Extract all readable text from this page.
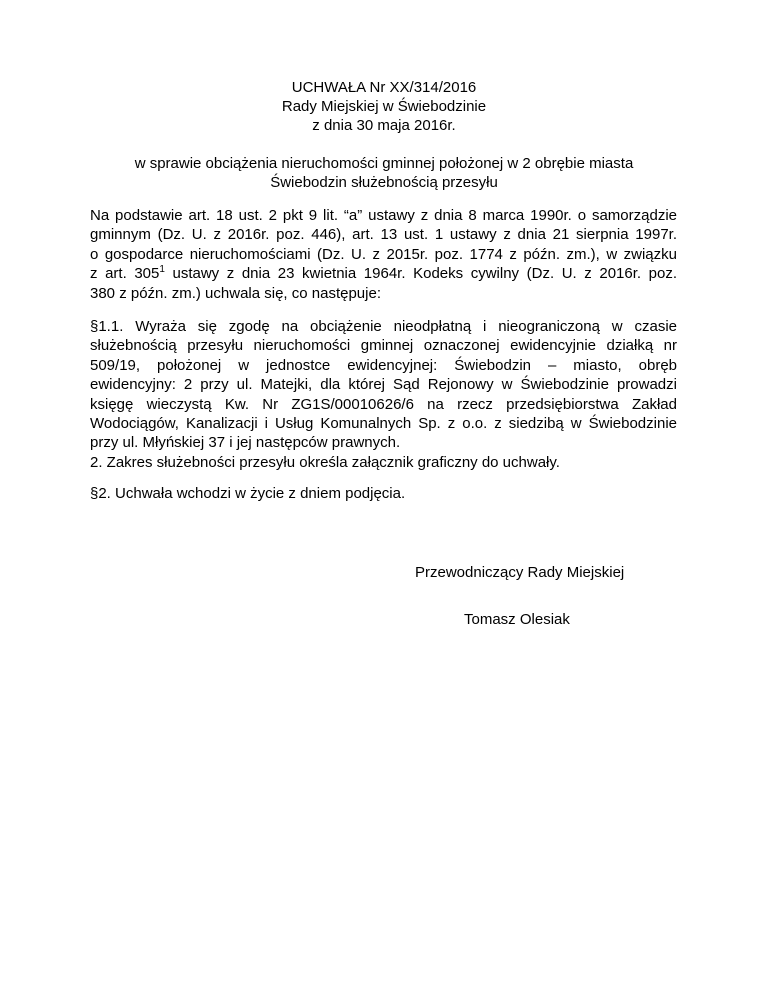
UCHWAŁA Nr XX/314/2016
Rady Miejskiej w Świebodzinie
z dnia 30 maja 2016r.
w sprawie obciążenia nieruchomości gminnej położonej w 2 obrębie miasta
Świebodzin służebnością przesyłu
Na podstawie art. 18 ust. 2 pkt 9 lit. “a” ustawy z dnia 8 marca 1990r. o samorządzie
gminnym (Dz. U. z 2016r. poz. 446), art. 13 ust. 1 ustawy z dnia 21 sierpnia 1997r.
o gospodarce nieruchomościami (Dz. U. z 2015r. poz. 1774 z późn. zm.), w związku
z art. $305^1$ ustawy z dnia 23 kwietnia 1964r. Kodeks cywilny (Dz. U. z 2016r. poz.
380 z późn. zm.) uchwala się, co następuje:
§1.1. Wyraża się zgodę na obciążenie nieodpłatną i nieograniczoną w czasie
służebnością przesyłu nieruchomości gminnej oznaczonej ewidencyjnie działką nr
509/19, położonej w jednostce ewidencyjnej: Świebodzin – miasto, obręb
ewidencyjny: 2 przy ul. Matejki, dla której Sąd Rejonowy w Świebodzinie prowadzi
księgę wieczystą Kw. Nr ZG1S/00010626/6 na rzecz przedsiębiorstwa Zakład
Wodociągów, Kanalizacji i Usług Komunalnych Sp. z o.o. z siedzibą w Świebodzinie
przy ul. Młyńskiej 37 i jej następców prawnych.
2. Zakres służebności przesyłu określa załącznik graficzny do uchwały.
§2. Uchwała wchodzi w życie z dniem podjęcia.
Przewodniczący Rady Miejskiej
Tomasz Olesiak
